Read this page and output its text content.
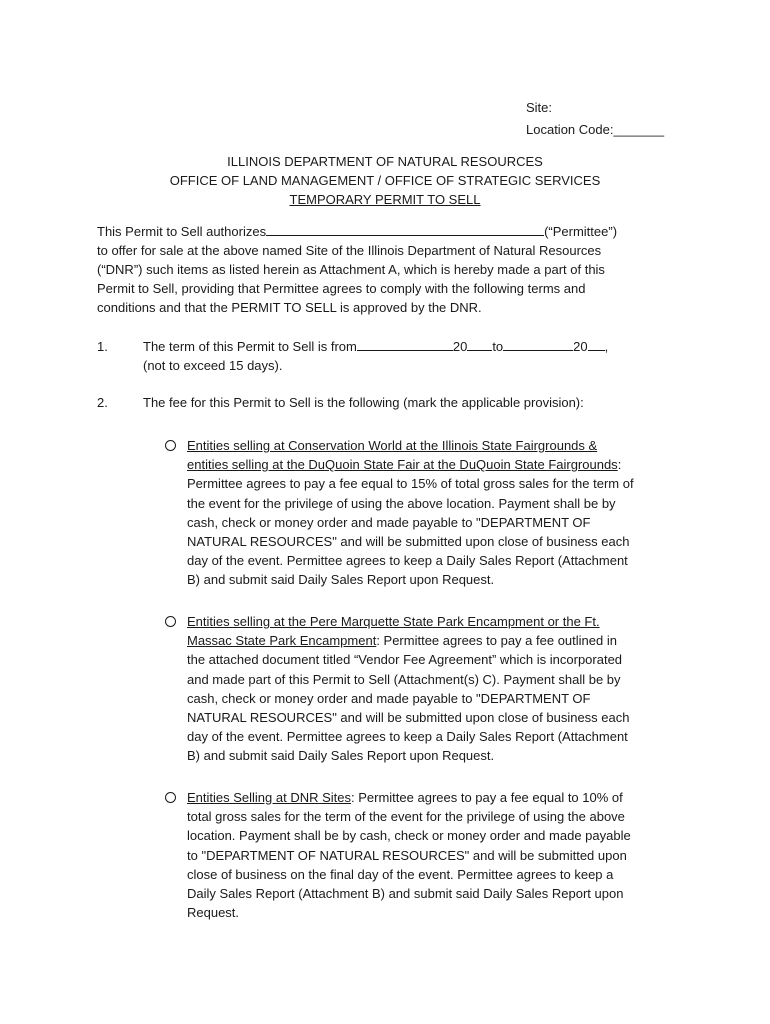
Site:
Location Code:_______
ILLINOIS DEPARTMENT OF NATURAL RESOURCES
OFFICE OF LAND MANAGEMENT / OFFICE OF STRATEGIC SERVICES
TEMPORARY PERMIT TO SELL
This Permit to Sell authorizes	(“Permittee”)
to offer for sale at the above named Site of the Illinois Department of Natural Resources
(“DNR”) such items as listed herein as Attachment A, which is hereby made a part of this
Permit to Sell, providing that Permittee agrees to comply with the following terms and
conditions and that the PERMIT TO SELL is approved by the DNR.
1.	The term of this Permit to Sell is from	20 to	20 ,
(not to exceed 15 days).
2.	The fee for this Permit to Sell is the following (mark the applicable provision):
Entities selling at Conservation World at the Illinois State Fairgrounds &
entities selling at the DuQuoin State Fair at the DuQuoin State Fairgrounds:
Permittee agrees to pay a fee equal to 15% of total gross sales for the term of
the event for the privilege of using the above location. Payment shall be by
cash, check or money order and made payable to "DEPARTMENT OF
NATURAL RESOURCES" and will be submitted upon close of business each
day of the event. Permittee agrees to keep a Daily Sales Report (Attachment
B) and submit said Daily Sales Report upon Request.
Entities selling at the Pere Marquette State Park Encampment or the Ft.
Massac State Park Encampment: Permittee agrees to pay a fee outlined in
the attached document titled “Vendor Fee Agreement” which is incorporated
and made part of this Permit to Sell (Attachment(s) C). Payment shall be by
cash, check or money order and made payable to "DEPARTMENT OF
NATURAL RESOURCES" and will be submitted upon close of business each
day of the event. Permittee agrees to keep a Daily Sales Report (Attachment
B) and submit said Daily Sales Report upon Request.
Entities Selling at DNR Sites: Permittee agrees to pay a fee equal to 10% of
total gross sales for the term of the event for the privilege of using the above
location. Payment shall be by cash, check or money order and made payable
to "DEPARTMENT OF NATURAL RESOURCES" and will be submitted upon
close of business on the final day of the event. Permittee agrees to keep a
Daily Sales Report (Attachment B) and submit said Daily Sales Report upon
Request.
